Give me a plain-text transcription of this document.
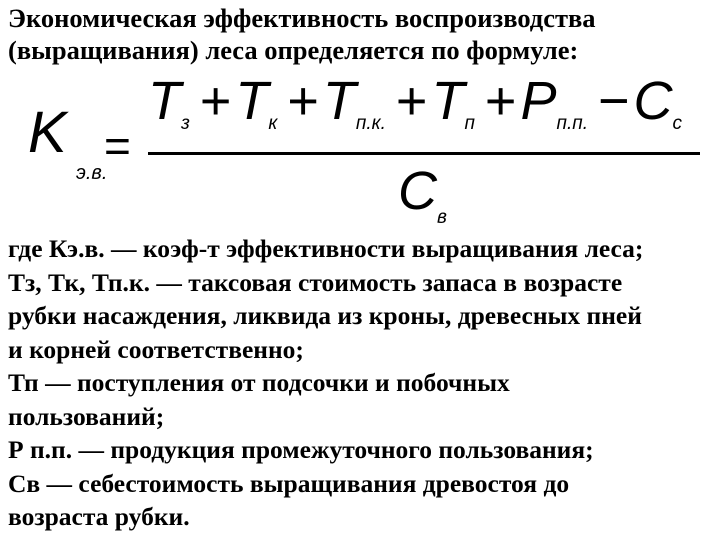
Экономическая эффективность воспроизводства
(выращивания) леса определяется по формуле:
K
э.в.
=
$T_з +T_к +T_{п.к.} +T_п +P_{п.п.} -C_с$
$C_в$
где Кэ.в. — коэф-т эффективности выращивания леса;
Тз, Тк, Тп.к. — таксовая стоимость запаса в возрасте
рубки насаждения, ликвида из кроны, древесных пней
и корней соответственно;
Тп — поступления от подсочки и побочных
пользований;
Р п.п. — продукция промежуточного пользования;
Св — себестоимость выращивания древостоя до
возраста рубки.
